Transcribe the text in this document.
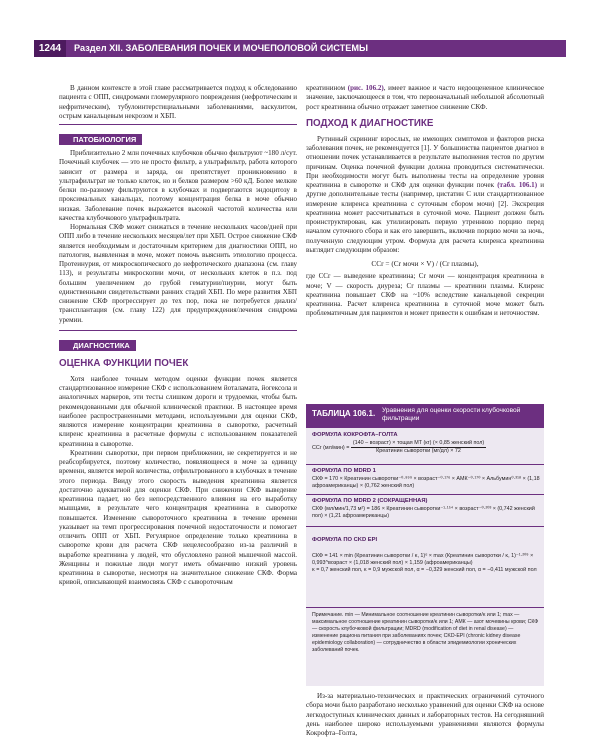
1244	Раздел XII. ЗАБОЛЕВАНИЯ ПОЧЕК И МОЧЕПОЛОВОЙ СИСТЕМЫ

В данном контексте в этой главе рассматривается подход к обследованию пациента с ОПП, синдромами гломерулярного повреждения (нефротическим и нефритическим), тубулоинтерстициальными заболеваниями, васкулитом, острым канальцевым некрозом и ХБП.

ПАТОБИОЛОГИЯ

Приблизительно 2 млн почечных клубочков обычно фильтруют ~180 л/сут. Почечный клубочек — это не просто фильтр, а ультрафильтр, работа которого зависит от размера и заряда, он препятствует проникновению в ультрафильтрат не только клеток, но и белков размером >60 кД. Более мелкие белки по-разному фильтруются в клубочках и подвергаются эндоцитозу в проксимальных канальцах, поэтому концентрация белка в моче обычно низкая. Заболевание почек выражается высокой частотой количества или качества клубочкового ультрафильтрата.

Нормальная СКФ может снижаться в течение нескольких часов/дней при ОПП либо в течение нескольких месяцев/лет при ХБП. Острое снижение СКФ является необходимым и достаточным критерием для диагностики ОПП, но патология, выявленная в моче, может помочь выяснить этиологию процесса. Протеинурия, от микроскопического до нефротического диапазона (см. главу 113), и результаты микроскопии мочи, от нескольких клеток в п.з. под большим увеличением до грубой гематурии/пиурии, могут быть единственными свидетельствами ранних стадий ХБП. По мере развития ХБП снижение СКФ прогрессирует до тех пор, пока не потребуется диализ/трансплантация (см. главу 122) для предупреждения/лечения синдрома уремии.

ДИАГНОСТИКА
ОЦЕНКА ФУНКЦИИ ПОЧЕК

Хотя наиболее точным методом оценки функции почек является стандартизованное измерение СКФ с использованием йоталамата, йогексола и аналогичных маркеров, эти тесты слишком дороги и трудоемки, чтобы быть рекомендованными для обычной клинической практики. В настоящее время наиболее распространенными методами, используемыми для оценки СКФ, являются измерение концентрации креатинина в сыворотке, расчетный клиренс креатинина в расчетные формулы с использованием показателей креатинина в сыворотке.

Креатинин сыворотки, при первом приближении, не секретируется и не реабсорбируется, поэтому количество, появляющееся в моче за единицу времени, является мерой количества, отфильтрованного в клубочках в течение этого периода. Ввиду этого скорость выведения креатинина является достаточно адекватной для оценки СКФ. При снижении СКФ выведение креатинина падает, но без непосредственного влияния на его выработку мышцами, в результате чего концентрация креатинина в сыворотке повышается. Изменение сывороточного креатинина в течение времени указывает на темп прогрессирования почечной недостаточности и помогает отличить ОПП от ХБП. Регулярное определение только креатинина в сыворотке крови для расчета СКФ нецелесообразно из-за различий в выработке креатинина у людей, что обусловлено разной мышечной массой. Женщины и пожилые люди могут иметь обманчиво низкий уровень креатинина в сыворотке, несмотря на значительное снижение СКФ. Форма кривой, описывающей взаимосвязь СКФ с сывороточным

креатинином (рис. 106.2), имеет важное и часто недооцененное клиническое значение, заключающееся в том, что первоначальный небольшой абсолютный рост креатинина обычно отражает заметное снижение СКФ.

ПОДХОД К ДИАГНОСТИКЕ

Рутинный скрининг взрослых, не имеющих симптомов и факторов риска заболевания почек, не рекомендуется [1]. У большинства пациентов диагноз в отношении почек устанавливается в результате выполнения тестов по другим причинам. Оценка почечной функции должна проводиться систематически. При необходимости могут быть выполнены тесты на определение уровня креатинина в сыворотке и СКФ для оценки функции почек (табл. 106.1) и другие дополнительные тесты (например, цистатин С или стандартизованное измерение клиренса креатинина с суточным сбором мочи) [2]. Экскреция креатинина может рассчитываться в суточной моче. Пациент должен быть проинструктирован, как утилизировать первую утреннюю порцию перед началом суточного сбора и как его завершить, включив порцию мочи за ночь, полученную следующим утром. Формула для расчета клиренса креатинина выглядит следующим образом:

CCr = (Cr мочи × V) / (Cr плазмы),

где CCr — выведение креатинина; Cr мочи — концентрация креатинина в моче; V — скорость диуреза; Cr плазмы — креатинин плазмы. Клиренс креатинина повышает СКФ на ~10% вследствие канальцевой секреции креатинина. Расчет клиренса креатинина в суточной моче может быть проблематичным для пациентов и может привести к ошибкам и неточностям.

ТАБЛИЦА 106.1. Уравнения для оценки скорости клубочковой фильтрации
ФОРМУЛА КОКРОФТА–ГОЛТА
CCr $(мл/мин) = \frac{\text{(140 – возраст) × тощая МТ (кг) (× 0,85 женский пол)}}{\text{Креатинин сыворотки (мг/дл) × 72}}$
ФОРМУЛА ПО MDRD 1
СКФ = 170 × Креатинин сыворотки⁻⁰·⁹⁹⁹ × возраст⁻⁰·¹⁷⁶ × АМК⁻⁰·¹⁷⁰ × Альбумин⁰·³¹⁸ × (1,18 афроамериканцы) × (0,762 женский пол)
ФОРМУЛА ПО MDRD 2 (СОКРАЩЕННАЯ)
СКФ (мл/мин/1,73 м²) = 186 × Креатинин сыворотки⁻¹·¹⁵⁴ × возраст⁻⁰·²⁰³ × (0,742 женский пол) × (1,21 афроамериканцы)

ФОРМУЛА ПО CKD EPI

СКФ = 141 × min (Креатинин сыворотки / κ, 1)ᵅ × max (Креатинин сыворотки / κ, 1)⁻¹·²⁰⁹ × 0,993^возраст × (1,018 женский пол) × 1,159 (афроамериканцы)
κ = 0,7 женский пол, κ = 0,9 мужской пол, α = −0,329 женский пол, α = −0,411 мужской пол

Примечание. min — Минимальное соотношение креатинин сыворотки/κ или 1; max — максимальное соотношение креатинин сыворотки/κ или 1; АМК — азот мочевины крови; СКФ — скорость клубочковой фильтрации; MDRD (modification of diet in renal disease) — изменение рациона питания при заболеваниях почек; CKD-EPI (chronic kidney disease epidemiology collaboration) — сотрудничество в области эпидемиологии хронических заболеваний почек.

Из-за материально-технических и практических ограничений суточного сбора мочи было разработано несколько уравнений для оценки СКФ на основе легкодоступных клинических данных и лабораторных тестов. На сегодняшний день наиболее широко используемыми уравнениями являются формулы Кокрофта–Голта,
